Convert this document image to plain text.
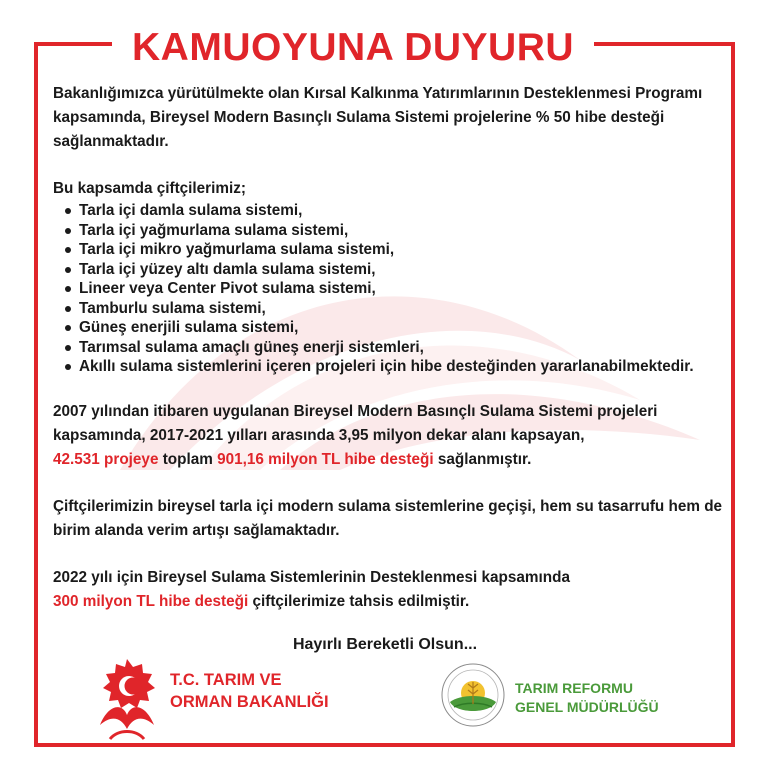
KAMUOYUNA DUYURU

Bakanlığımızca yürütülmekte olan Kırsal Kalkınma Yatırımlarının Desteklenmesi Programı kapsamında, Bireysel Modern Basınçlı Sulama Sistemi projelerine % 50 hibe desteği sağlanmaktadır.

Bu kapsamda çiftçilerimiz;

Tarla içi damla sulama sistemi,
Tarla içi yağmurlama sulama sistemi,
Tarla içi mikro yağmurlama sulama sistemi,
Tarla içi yüzey altı damla sulama sistemi,
Lineer veya Center Pivot sulama sistemi,
Tamburlu sulama sistemi,
Güneş enerjili sulama sistemi,
Tarımsal sulama amaçlı güneş enerji sistemleri,
Akıllı sulama sistemlerini içeren projeleri için hibe desteğinden yararlanabilmektedir.

2007 yılından itibaren uygulanan Bireysel Modern Basınçlı Sulama Sistemi projeleri kapsamında, 2017-2021 yılları arasında 3,95 milyon dekar alanı kapsayan,
42.531 projeye toplam 901,16 milyon TL hibe desteği sağlanmıştır.

Çiftçilerimizin bireysel tarla içi modern sulama sistemlerine geçişi, hem su tasarrufu hem de birim alanda verim artışı sağlamaktadır.

2022 yılı için Bireysel Sulama Sistemlerinin Desteklenmesi kapsamında
300 milyon TL hibe desteği çiftçilerimize tahsis edilmiştir.

Hayırlı Bereketli Olsun...
T.C. TARIM VE
ORMAN BAKANLIĞI
TARIM REFORMU
GENEL MÜDÜRLÜĞÜ
